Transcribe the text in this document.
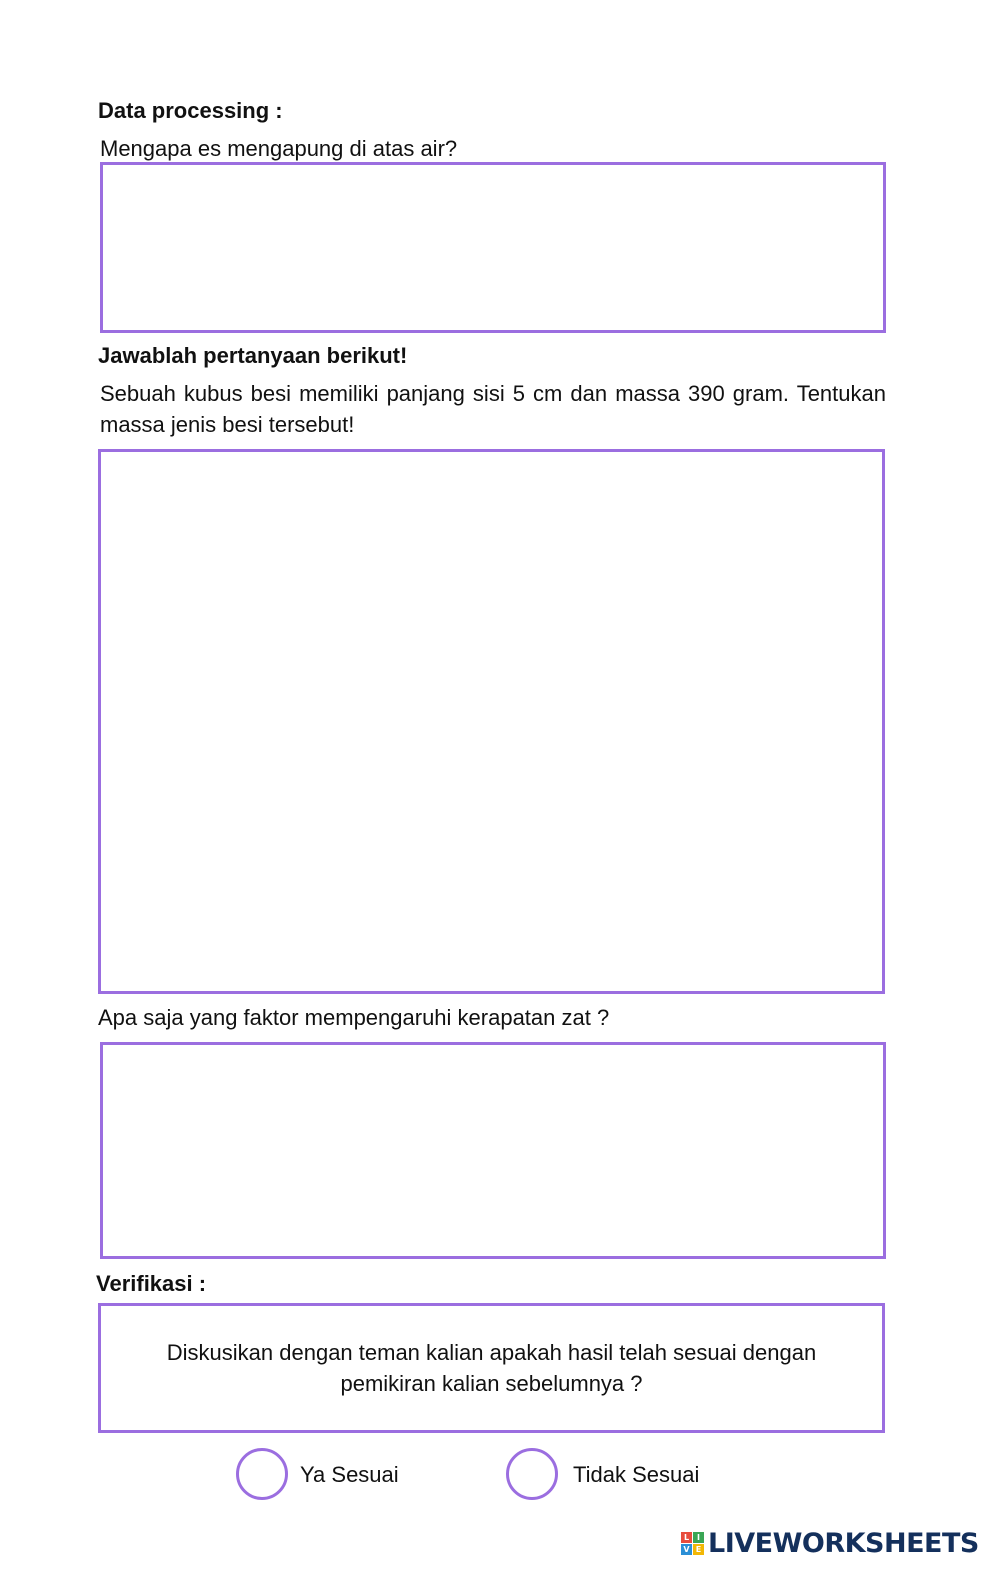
Data processing :
Mengapa es mengapung di atas air?
Jawablah pertanyaan berikut!
Sebuah kubus besi memiliki panjang sisi 5 cm dan massa 390 gram. Tentukan massa jenis besi tersebut!
Apa saja yang faktor mempengaruhi kerapatan zat ?
Verifikasi :
Diskusikan dengan teman kalian apakah hasil telah sesuai dengan pemikiran kalian sebelumnya ?
Ya Sesuai	Tidak Sesuai
L I
V E LIVEWORKSHEETS
